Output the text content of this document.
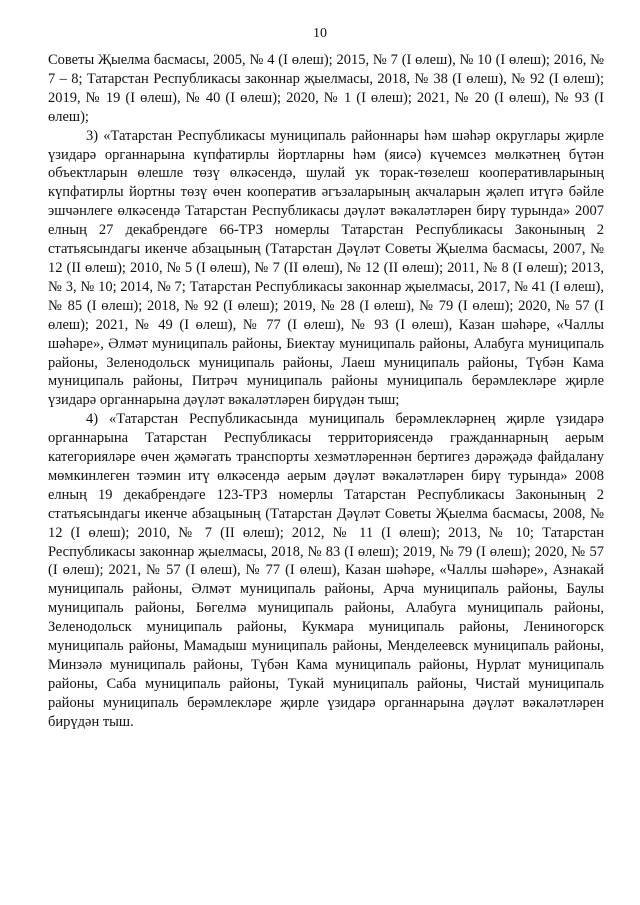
10

Советы Җыелма басмасы, 2005, № 4 (I өлеш); 2015, № 7 (I өлеш), № 10 (I өлеш); 2016, № 7 – 8; Татарстан Республикасы законнар җыелмасы, 2018, № 38 (I өлеш), № 92 (I өлеш); 2019, № 19 (I өлеш), № 40 (I өлеш); 2020, № 1 (I өлеш); 2021, № 20 (I өлеш), № 93 (I өлеш);

3) «Татарстан Республикасы муниципаль районнары һәм шәһәр округлары җирле үзидарә органнарына күпфатирлы йортларны һәм (яисә) күчемсез мөлкәтнең бүтән объектларын өлешле төзү өлкәсендә, шулай ук торак-төзелеш кооперативларының күпфатирлы йортны төзү өчен кооператив әгъзаларының акчаларын җәлеп итүгә бәйле эшчәнлеге өлкәсендә Татарстан Республикасы дәүләт вәкаләтләрен бирү турында» 2007 елның 27 декабрендәге 66-ТРЗ номерлы Татарстан Республикасы Законының 2 статьясындагы икенче абзацының (Татарстан Дәүләт Советы Җыелма басмасы, 2007, № 12 (II өлеш); 2010, № 5 (I өлеш), № 7 (II өлеш), № 12 (II өлеш); 2011, № 8 (I өлеш); 2013, № 3, № 10; 2014, № 7; Татарстан Республикасы законнар җыелмасы, 2017, № 41 (I өлеш), № 85 (I өлеш); 2018, № 92 (I өлеш); 2019, № 28 (I өлеш), № 79 (I өлеш); 2020, № 57 (I өлеш); 2021, № 49 (I өлеш), № 77 (I өлеш), № 93 (I өлеш), Казан шәһәре, «Чаллы шәһәре», Әлмәт муниципаль районы, Биектау муниципаль районы, Алабуга муниципаль районы, Зеленодольск муниципаль районы, Лаеш муниципаль районы, Түбән Кама муниципаль районы, Питрәч муниципаль районы муниципаль берәмлекләре җирле үзидарә органнарына дәүләт вәкаләтләрен бирүдән тыш;

4) «Татарстан Республикасында муниципаль берәмлекләрнең җирле үзидарә органнарына Татарстан Республикасы территориясендә гражданнарның аерым категорияләре өчен җәмәгать транспорты хезмәтләреннән бертигез дәрәҗәдә файдалану мөмкинлеген тәэмин итү өлкәсендә аерым дәүләт вәкаләтләрен бирү турында» 2008 елның 19 декабрендәге 123-ТРЗ номерлы Татарстан Республикасы Законының 2 статьясындагы икенче абзацының (Татарстан Дәүләт Советы Җыелма басмасы, 2008, № 12 (I өлеш); 2010, № 7 (II өлеш); 2012, № 11 (I өлеш); 2013, № 10; Татарстан Республикасы законнар җыелмасы, 2018, № 83 (I өлеш); 2019, № 79 (I өлеш); 2020, № 57 (I өлеш); 2021, № 57 (I өлеш), № 77 (I өлеш), Казан шәһәре, «Чаллы шәһәре», Азнакай муниципаль районы, Әлмәт муниципаль районы, Арча муниципаль районы, Баулы муниципаль районы, Бөгелмә муниципаль районы, Алабуга муниципаль районы, Зеленодольск муниципаль районы, Кукмара муниципаль районы, Лениногорск муниципаль районы, Мамадыш муниципаль районы, Менделеевск муниципаль районы, Минзәлә муниципаль районы, Түбән Кама муниципаль районы, Нурлат муниципаль районы, Саба муниципаль районы, Тукай муниципаль районы, Чистай муниципаль районы муниципаль берәмлекләре җирле үзидарә органнарына дәүләт вәкаләтләрен бирүдән тыш.
